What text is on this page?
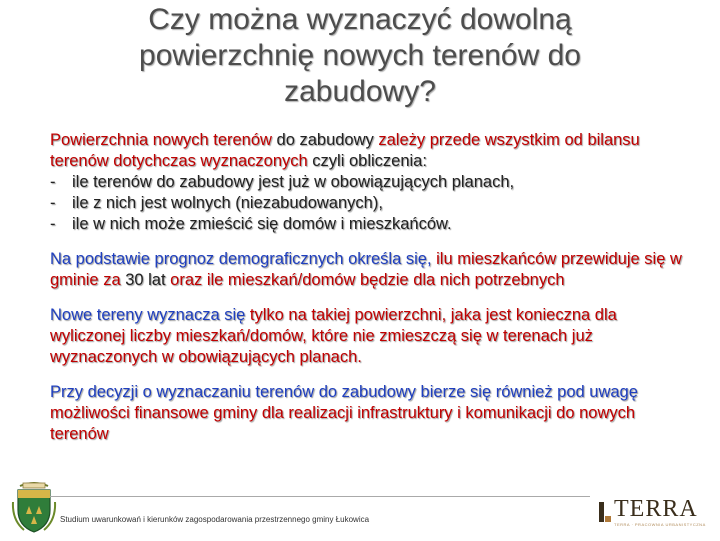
Czy można wyznaczyć dowolną powierzchnię nowych terenów do zabudowy?
Powierzchnia nowych terenów do zabudowy zależy przede wszystkim od bilansu terenów dotychczas wyznaczonych czyli obliczenia:
- ile terenów do zabudowy jest już w obowiązujących planach,
- ile z nich jest wolnych (niezabudowanych),
- ile w nich może zmieścić się domów i mieszkańców.
Na podstawie prognoz demograficznych określa się, ilu mieszkańców przewiduje się w gminie za 30 lat oraz ile mieszkań/domów będzie dla nich potrzebnych
Nowe tereny wyznacza się tylko na takiej powierzchni, jaka jest konieczna dla wyliczonej liczby mieszkań/domów, które nie zmieszczą się w terenach już wyznaczonych w obowiązujących planach.
Przy decyzji o wyznaczaniu terenów do zabudowy bierze się również pod uwagę możliwości finansowe gminy dla realizacji infrastruktury i komunikacji do nowych terenów
Studium uwarunkowań i kierunków zagospodarowania przestrzennego gminy Łukowica	TERRA
TERRA · PRACOWNIA URBANISTYCZNA
